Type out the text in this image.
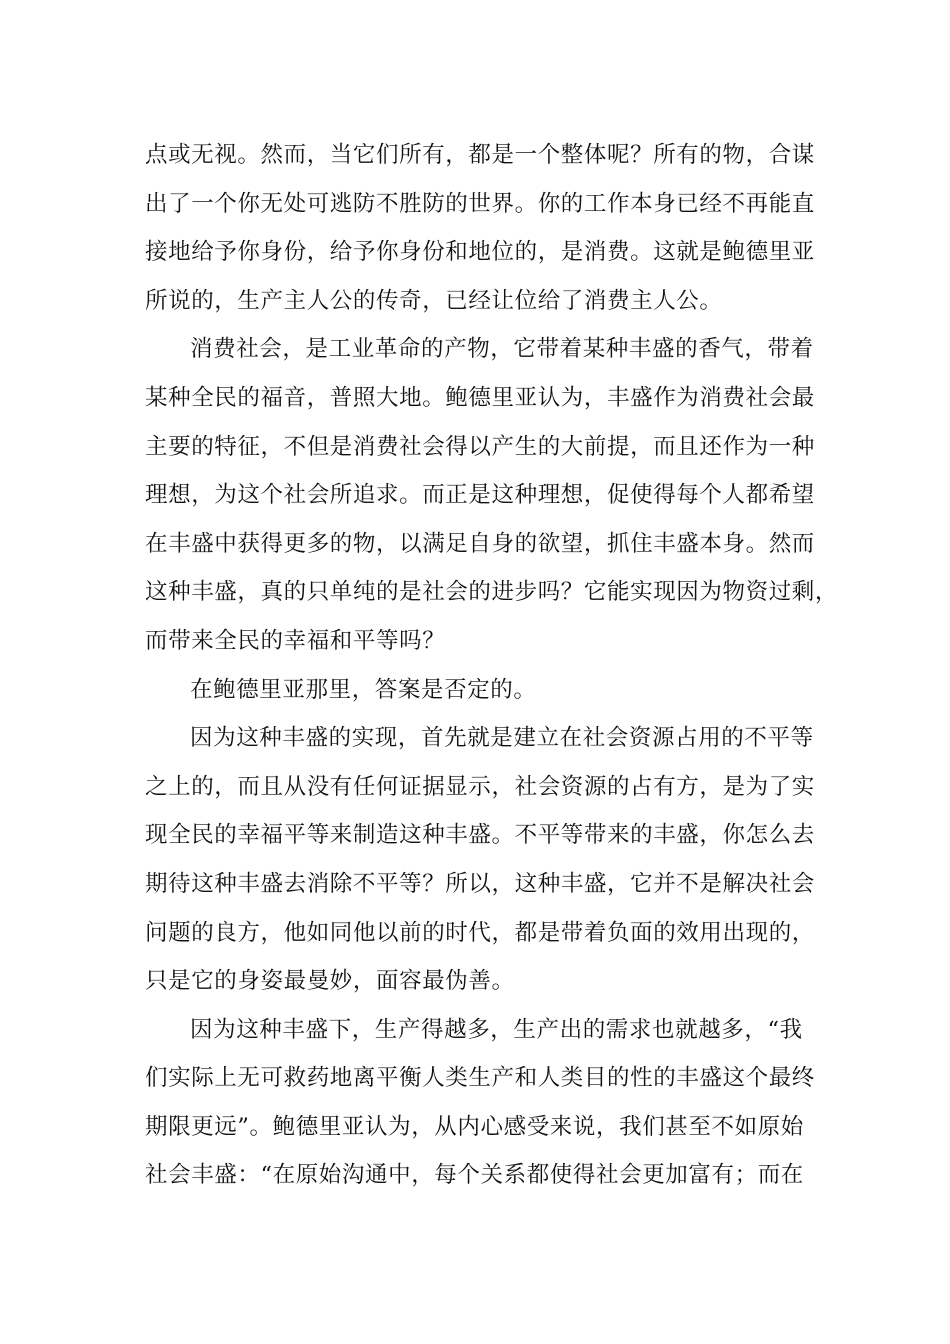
点或无视。然而，当它们所有，都是一个整体呢？所有的物，合谋
出了一个你无处可逃防不胜防的世界。你的工作本身已经不再能直
接地给予你身份，给予你身份和地位的，是消费。这就是鲍德里亚
所说的，生产主人公的传奇，已经让位给了消费主人公。
消费社会，是工业革命的产物，它带着某种丰盛的香气，带着
某种全民的福音，普照大地。鲍德里亚认为，丰盛作为消费社会最
主要的特征，不但是消费社会得以产生的大前提，而且还作为一种
理想，为这个社会所追求。而正是这种理想，促使得每个人都希望
在丰盛中获得更多的物，以满足自身的欲望，抓住丰盛本身。然而
这种丰盛，真的只单纯的是社会的进步吗？它能实现因为物资过剩，
而带来全民的幸福和平等吗？
在鲍德里亚那里，答案是否定的。
因为这种丰盛的实现，首先就是建立在社会资源占用的不平等
之上的，而且从没有任何证据显示，社会资源的占有方，是为了实
现全民的幸福平等来制造这种丰盛。不平等带来的丰盛，你怎么去
期待这种丰盛去消除不平等？所以，这种丰盛，它并不是解决社会
问题的良方，他如同他以前的时代，都是带着负面的效用出现的，
只是它的身姿最曼妙，面容最伪善。
因为这种丰盛下，生产得越多，生产出的需求也就越多，“我
们实际上无可救药地离平衡人类生产和人类目的性的丰盛这个最终
期限更远”。鲍德里亚认为，从内心感受来说，我们甚至不如原始
社会丰盛：“在原始沟通中，每个关系都使得社会更加富有；而在
